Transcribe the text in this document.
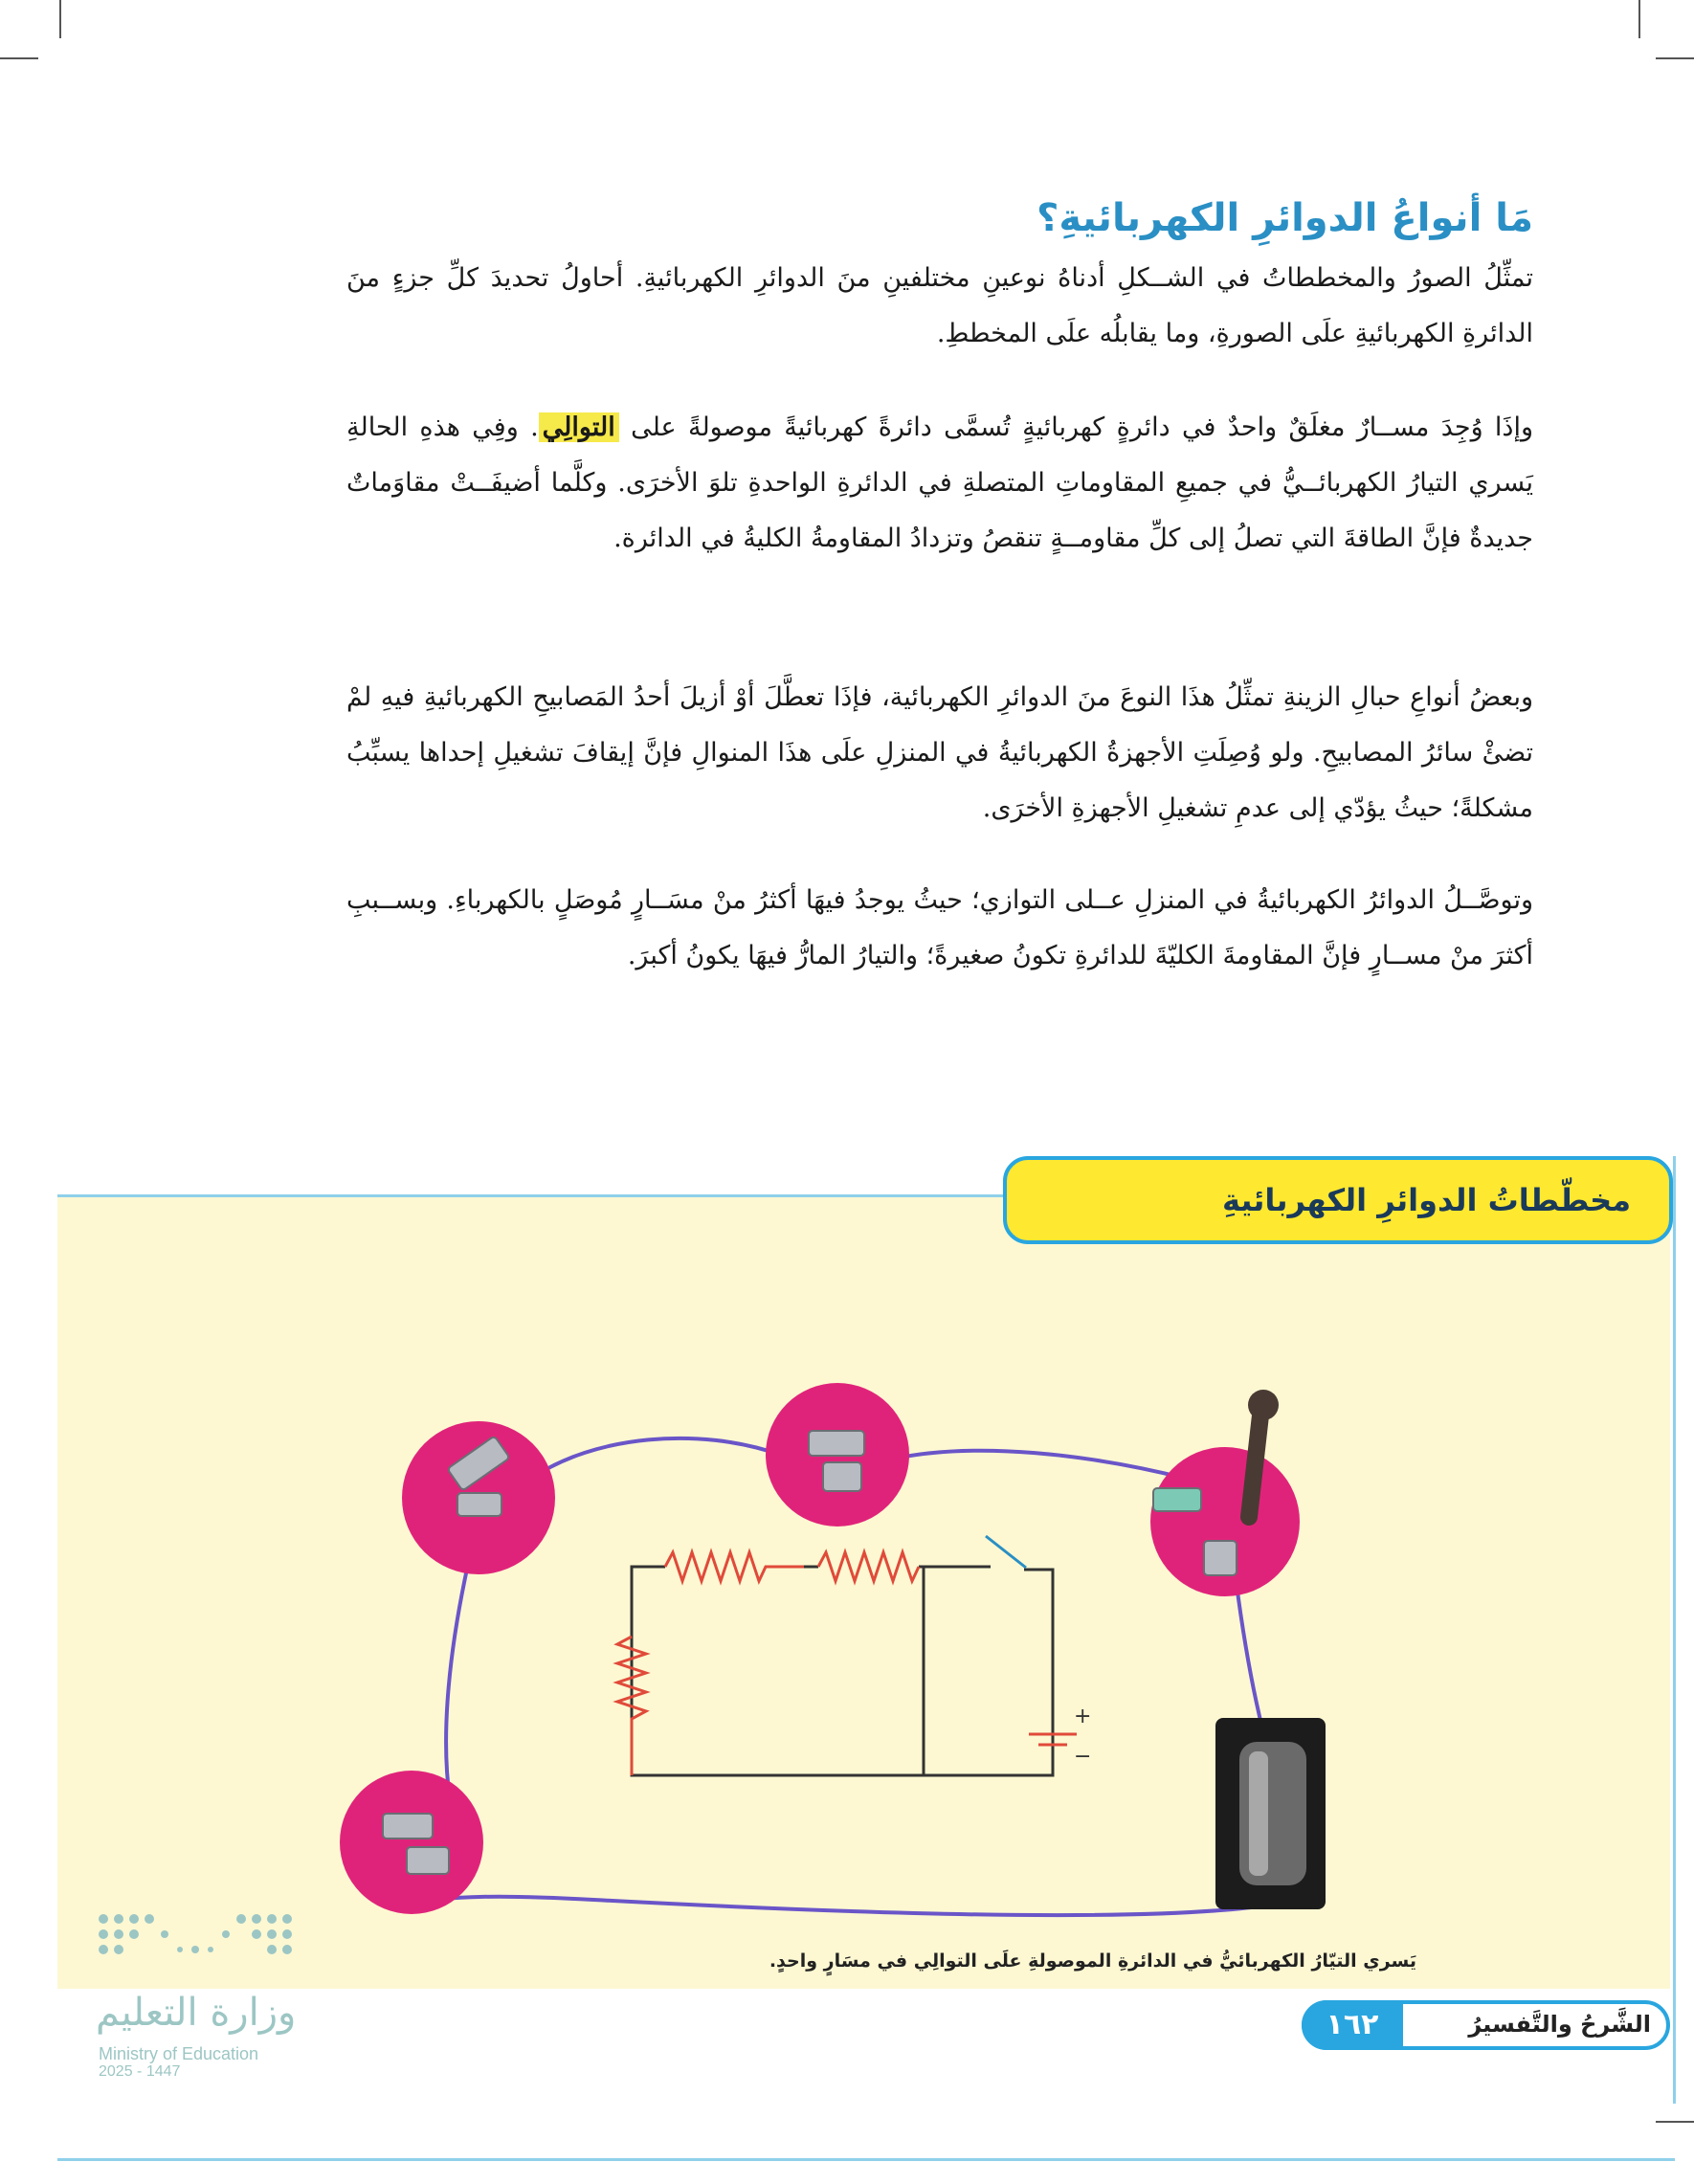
مَا أنواعُ الدوائرِ الكهربائيةِ؟

تمثِّلُ الصورُ والمخططاتُ في الشــكلِ أدناهُ نوعينِ مختلفينِ منَ الدوائرِ الكهربائيةِ. أحاولُ تحديدَ كلِّ جزءٍ منَ الدائرةِ الكهربائيةِ علَى الصورةِ، وما يقابلُه علَى المخططِ.

وإذَا وُجِدَ مســارٌ مغلَقٌ واحدٌ في دائرةٍ كهربائيةٍ تُسمَّى دائرةً كهربائيةً موصولةً على التوالِي. وفِي هذهِ الحالةِ يَسري التيارُ الكهربائــيُّ في جميعِ المقاوماتِ المتصلةِ في الدائرةِ الواحدةِ تلوَ الأخرَى. وكلَّما أضيفَــتْ مقاوَماتٌ جديدةٌ فإنَّ الطاقةَ التي تصلُ إلى كلِّ مقاومــةٍ تنقصُ وتزدادُ المقاومةُ الكليةُ في الدائرة.

وبعضُ أنواعِ حبالِ الزينةِ تمثِّلُ هذَا النوعَ منَ الدوائرِ الكهربائية، فإذَا تعطَّلَ أوْ أزيلَ أحدُ المَصابيحِ الكهربائيةِ فيهِ لمْ تضئْ سائرُ المصابيحِ. ولو وُصِلَتِ الأجهزةُ الكهربائيةُ في المنزلِ علَى هذَا المنوالِ فإنَّ إيقافَ تشغيلِ إحداها يسبِّبُ مشكلةً؛ حيثُ يؤدّي إلى عدمِ تشغيلِ الأجهزةِ الأخرَى.

وتوصَّــلُ الدوائرُ الكهربائيةُ في المنزلِ عــلى التوازي؛ حيثُ يوجدُ فيهَا أكثرُ منْ مسَــارٍ مُوصَلٍ بالكهرباءِ. وبســببِ أكثرَ منْ مســارٍ فإنَّ المقاومةَ الكليّةَ للدائرةِ تكونُ صغيرةً؛ والتيارُ المارُّ فيهَا يكونُ أكبرَ.

مخطّطاتُ الدوائرِ الكهربائيةِ
+
−
يَسري التيّارُ الكهربائيُّ في الدائرةِ الموصولةِ علَى التوالِي في مسَارٍ واحدٍ.
١٦٢	الشَّرحُ والتَّفسيرُ
وزارة التعليم
Ministry of Education
2025 - 1447
